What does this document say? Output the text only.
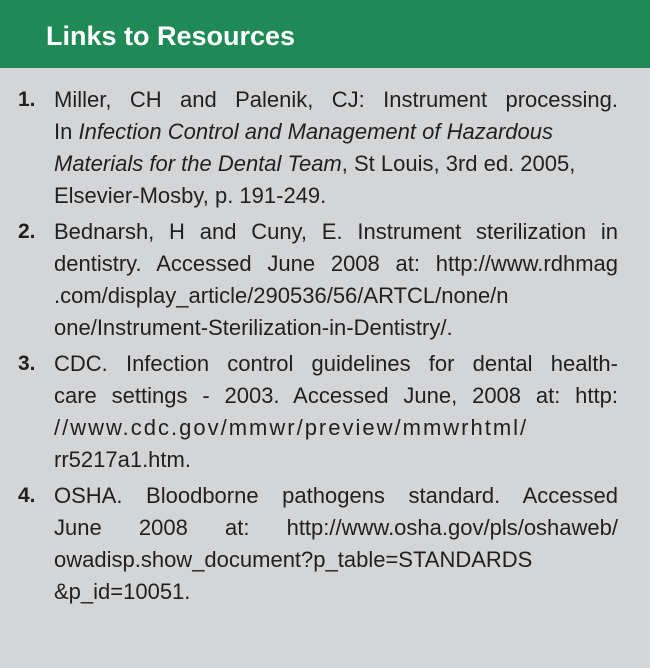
Links to Resources
1. Miller, CH and Palenik, CJ: Instrument processing.
In Infection Control and Management of Hazardous
Materials for the Dental Team, St Louis, 3rd ed. 2005,
Elsevier-Mosby, p. 191-249.
2. Bednarsh, H and Cuny, E. Instrument sterilization in
dentistry. Accessed June 2008 at: http://www.rdhmag
.com/display_article/290536/56/ARTCL/none/n
one/Instrument-Sterilization-in-Dentistry/.
3. CDC. Infection control guidelines for dental health-
care settings - 2003. Accessed June, 2008 at: http:
//www.cdc.gov/mmwr/preview/mmwrhtml/
rr5217a1.htm.
4. OSHA. Bloodborne pathogens standard. Accessed
June 2008 at: http://www.osha.gov/pls/oshaweb/
owadisp.show_document?p_table=STANDARDS
&p_id=10051.
